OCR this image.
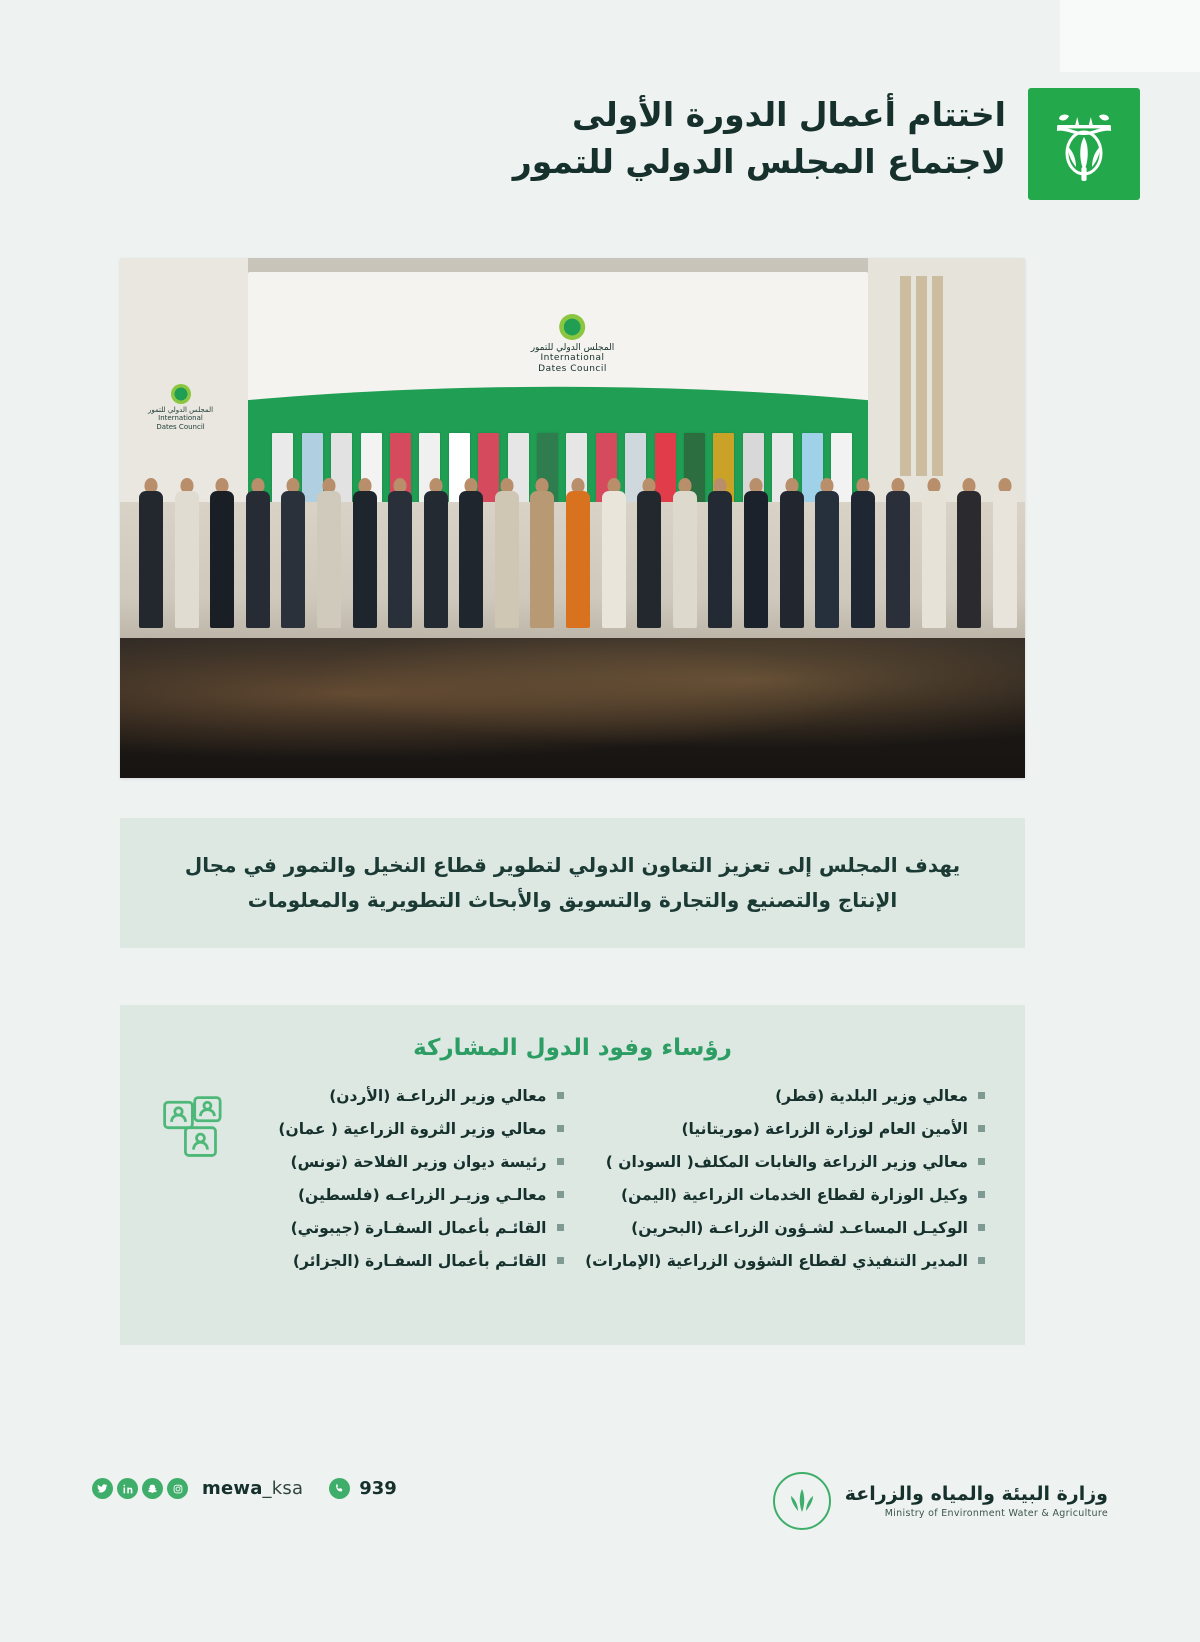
اختتام أعمال الدورة الأولى
لاجتماع المجلس الدولي للتمور
المجلس الدولي للتمور
International
Dates Council
المجلس الدولي للتمور
International
Dates Council

يهدف المجلس إلى تعزيز التعاون الدولي لتطوير قطاع النخيل والتمور في مجال الإنتاج والتصنيع والتجارة والتسويق والأبحاث التطويرية والمعلومات

رؤساء وفود الدول المشاركة
معالي وزير البلدية (قطر)
الأمين العام لوزارة الزراعة (موريتانيا)
معالي وزير الزراعة والغابات المكلف( السودان )
وكيل الوزارة لقطاع الخدمات الزراعية (اليمن)
الوكيـل المساعـد لشـؤون الزراعـة (البحرين)
المدير التنفيذي لقطاع الشؤون الزراعية (الإمارات)
معالي وزير الزراعـة (الأردن)
معالي وزير الثروة الزراعية ( عمان)
رئيسة ديوان وزير الفلاحة (تونس)
معالـي وزيـر الزراعـه (فلسطين)
القائـم بأعمال السفـارة (جيبوتي)
القائـم بأعمال السفـارة (الجزائر)
mewa_ksa	939	وزارة البيئة والمياه والزراعة
Ministry of Environment Water & Agriculture
